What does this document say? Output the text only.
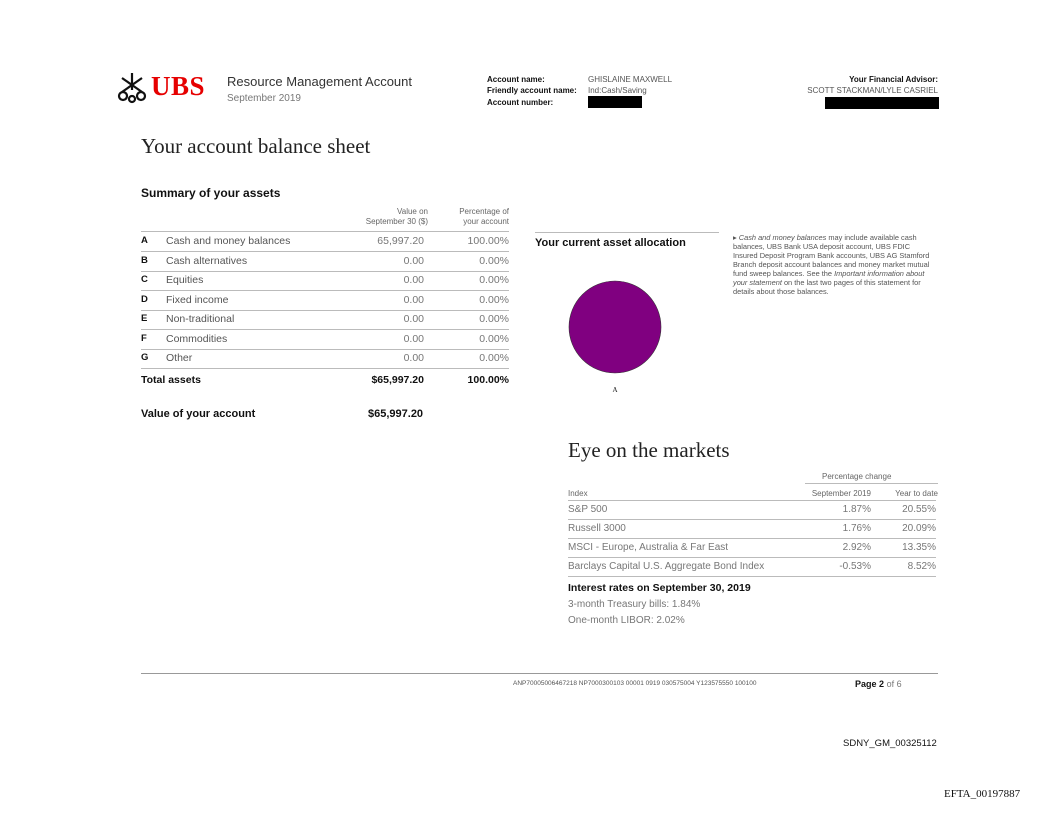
UBS Resource Management Account
September 2019
Account name:	GHISLAINE MAXWELL
Friendly account name: Ind:Cash/Saving
Account number:
Your Financial Advisor:
SCOTT STACKMAN/LYLE CASRIEL
Your account balance sheet
Summary of your assets
Value on
September 30 ($)
Percentage of
your account
A Cash and money balances	65,997.20	100.00%
B Cash alternatives	0.00	0.00%
C Equities	0.00	0.00%
D Fixed income	0.00	0.00%
E Non-traditional	0.00	0.00%
F Commodities	0.00	0.00%
G Other	0.00	0.00%
Total assets	$65,997.20	100.00%
Value of your account	$65,997.20
Your current asset allocation
A
▸ Cash and money balances may include available cash balances, UBS Bank USA deposit account, UBS FDIC Insured Deposit Program Bank accounts, UBS AG Stamford Branch deposit account balances and money market mutual fund sweep balances. See the Important information about your statement on the last two pages of this statement for details about those balances.
Eye on the markets
Percentage change
Index	September 2019	Year to date
S&P 500	1.87%	20.55%
Russell 3000	1.76%	20.09%
MSCI - Europe, Australia & Far East	2.92%	13.35%
Barclays Capital U.S. Aggregate Bond Index	-0.53%	8.52%
Interest rates on September 30, 2019
3-month Treasury bills: 1.84%
One-month LIBOR: 2.02%
ANP70005006467218 NP7000300103 00001 0919 030575004 Y123575550 100100	Page 2 of 6
SDNY_GM_00325112
EFTA_00197887
